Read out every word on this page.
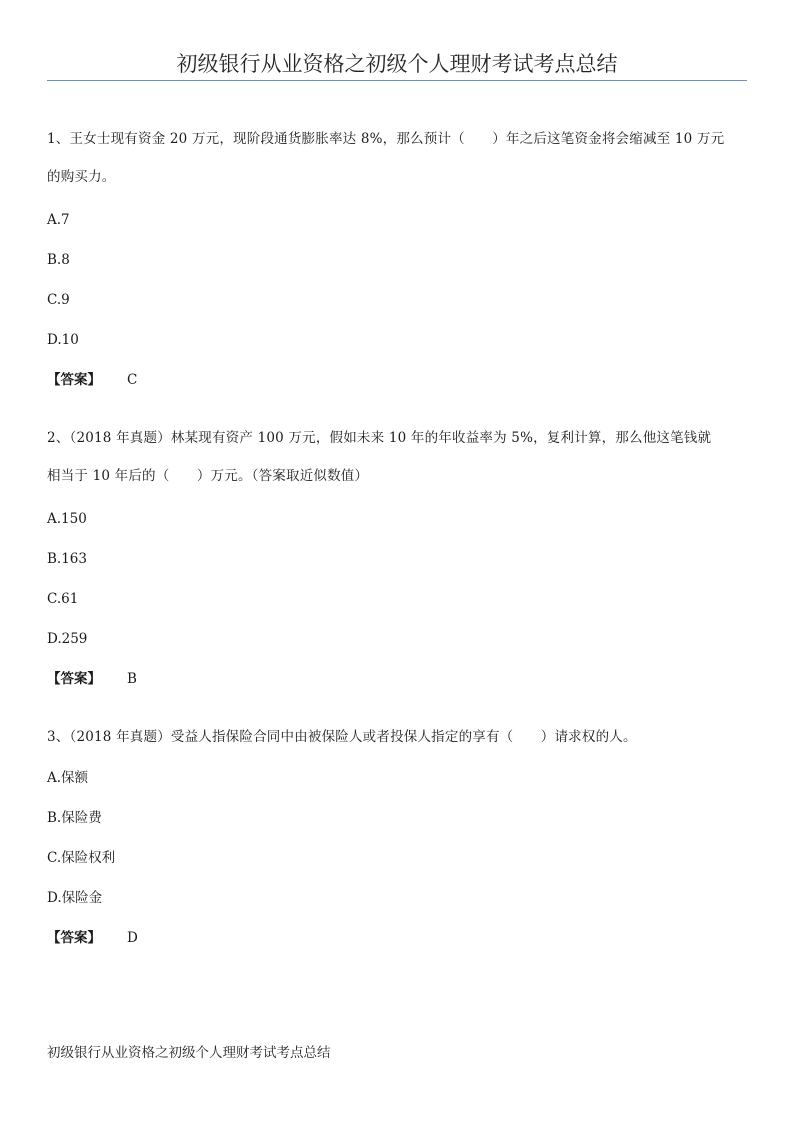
初级银行从业资格之初级个人理财考试考点总结

1、王女士现有资金 20 万元，现阶段通货膨胀率达 8%，那么预计（　　）年之后这笔资金将会缩减至 10 万元
的购买力。

A.7

B.8

C.9

D.10

【答案】 C

2、（2018 年真题）林某现有资产 100 万元，假如未来 10 年的年收益率为 5%，复利计算，那么他这笔钱就
相当于 10 年后的（　　）万元。（答案取近似数值）

A.150

B.163

C.61

D.259

【答案】 B

3、（2018 年真题）受益人指保险合同中由被保险人或者投保人指定的享有（　　）请求权的人。

A.保额

B.保险费

C.保险权利

D.保险金

【答案】 D

初级银行从业资格之初级个人理财考试考点总结
